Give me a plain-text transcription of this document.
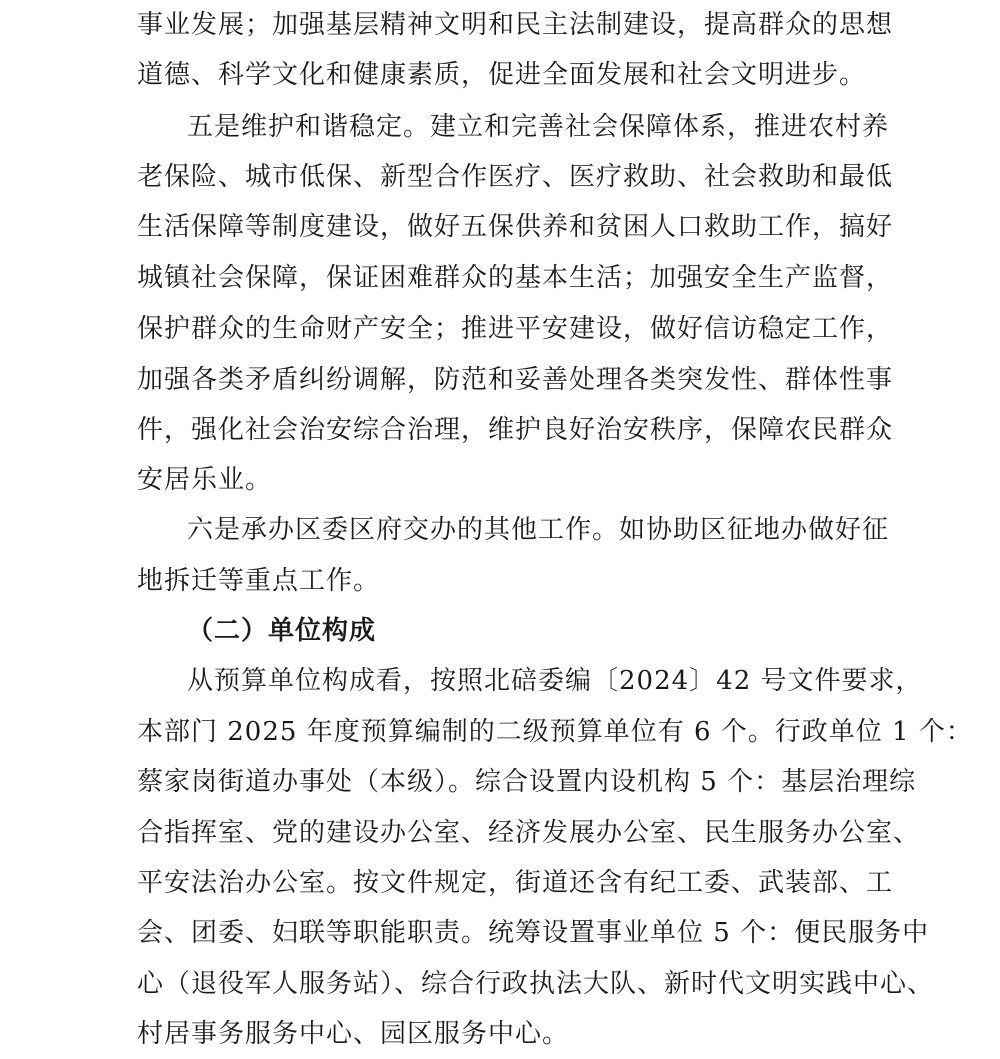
事业发展；加强基层精神文明和民主法制建设，提高群众的思想
道德、科学文化和健康素质，促进全面发展和社会文明进步。
五是维护和谐稳定。建立和完善社会保障体系，推进农村养
老保险、城市低保、新型合作医疗、医疗救助、社会救助和最低
生活保障等制度建设，做好五保供养和贫困人口救助工作，搞好
城镇社会保障，保证困难群众的基本生活；加强安全生产监督，
保护群众的生命财产安全；推进平安建设，做好信访稳定工作，
加强各类矛盾纠纷调解，防范和妥善处理各类突发性、群体性事
件，强化社会治安综合治理，维护良好治安秩序，保障农民群众
安居乐业。
六是承办区委区府交办的其他工作。如协助区征地办做好征
地拆迁等重点工作。
（二）单位构成
从预算单位构成看，按照北碚委编〔2024〕42 号文件要求，
本部门 2025 年度预算编制的二级预算单位有 6 个。行政单位 1 个：
蔡家岗街道办事处（本级）。综合设置内设机构 5 个：基层治理综
合指挥室、党的建设办公室、经济发展办公室、民生服务办公室、
平安法治办公室。按文件规定，街道还含有纪工委、武装部、工
会、团委、妇联等职能职责。统筹设置事业单位 5 个：便民服务中
心（退役军人服务站）、综合行政执法大队、新时代文明实践中心、
村居事务服务中心、园区服务中心。
